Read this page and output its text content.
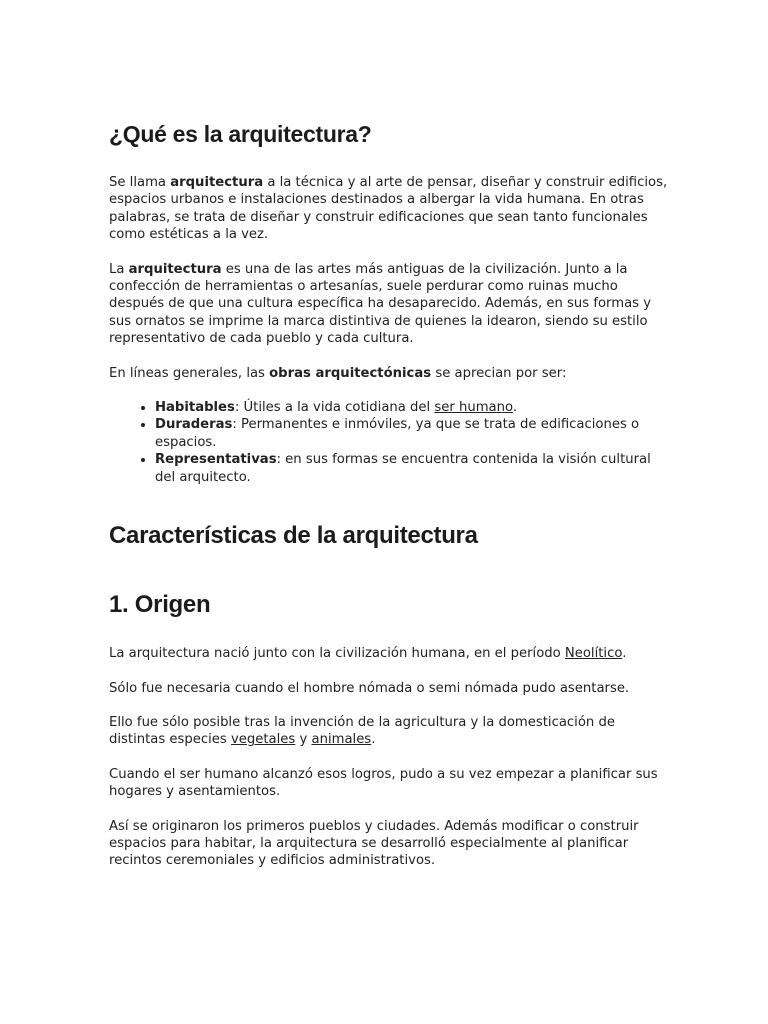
¿Qué es la arquitectura?

Se llama arquitectura a la técnica y al arte de pensar, diseñar y construir edificios, espacios urbanos e instalaciones destinados a albergar la vida humana. En otras palabras, se trata de diseñar y construir edificaciones que sean tanto funcionales como estéticas a la vez.

La arquitectura es una de las artes más antiguas de la civilización. Junto a la confección de herramientas o artesanías, suele perdurar como ruinas mucho después de que una cultura específica ha desaparecido. Además, en sus formas y sus ornatos se imprime la marca distintiva de quienes la idearon, siendo su estilo representativo de cada pueblo y cada cultura.

En líneas generales, las obras arquitectónicas se aprecian por ser:

• Habitables: Útiles a la vida cotidiana del ser humano.
• Duraderas: Permanentes e inmóviles, ya que se trata de edificaciones o espacios.
• Representativas: en sus formas se encuentra contenida la visión cultural del arquitecto.
Características de la arquitectura
1. Origen

La arquitectura nació junto con la civilización humana, en el período Neolítico.

Sólo fue necesaria cuando el hombre nómada o semi nómada pudo asentarse.

Ello fue sólo posible tras la invención de la agricultura y la domesticación de distintas especies vegetales y animales.

Cuando el ser humano alcanzó esos logros, pudo a su vez empezar a planificar sus hogares y asentamientos.

Así se originaron los primeros pueblos y ciudades. Además modificar o construir espacios para habitar, la arquitectura se desarrolló especialmente al planificar recintos ceremoniales y edificios administrativos.
